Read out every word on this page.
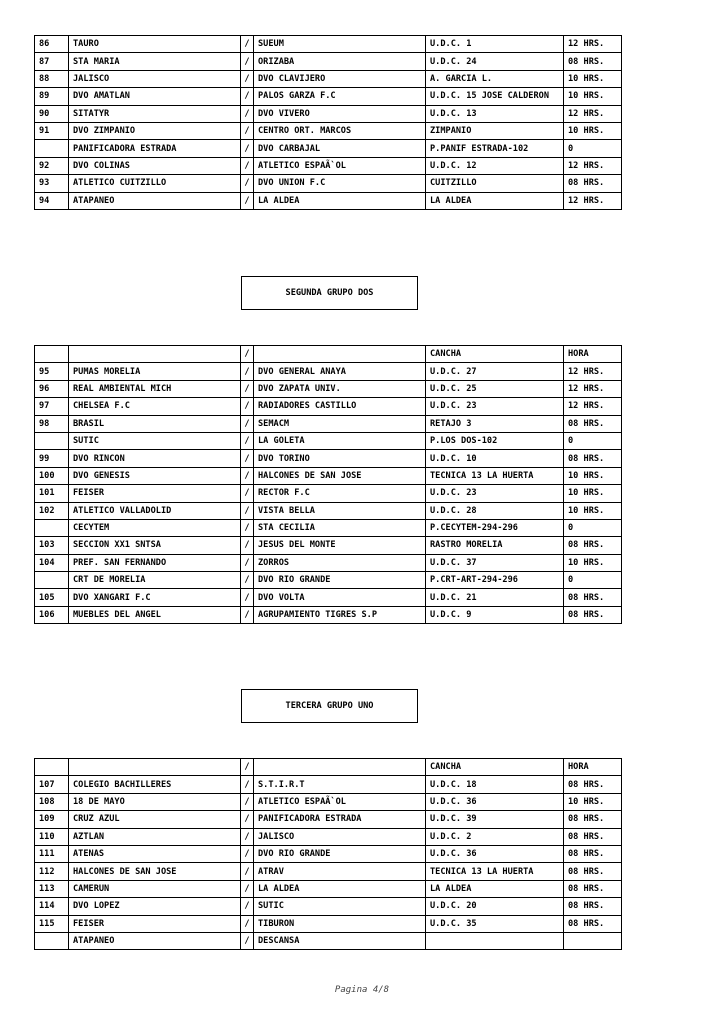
86	TAURO	/	SUEUM	U.D.C. 1	12 HRS.
87	STA MARIA	/	ORIZABA	U.D.C. 24	08 HRS.
88	JALISCO	/	DVO CLAVIJERO	A. GARCIA L.	10 HRS.
89	DVO AMATLAN	/	PALOS GARZA F.C	U.D.C. 15 JOSE CALDERON	10 HRS.
90	SITATYR	/	DVO VIVERO	U.D.C. 13	12 HRS.
91	DVO ZIMPANIO	/	CENTRO ORT. MARCOS	ZIMPANIO	10 HRS.
	PANIFICADORA ESTRADA	/	DVO CARBAJAL	P.PANIF ESTRADA-102	0
92	DVO COLINAS	/	ATLETICO ESPAÃ`OL	U.D.C. 12	12 HRS.
93	ATLETICO CUITZILLO	/	DVO UNION F.C	CUITZILLO	08 HRS.
94	ATAPANEO	/	LA ALDEA	LA ALDEA	12 HRS.
SEGUNDA GRUPO DOS
		/		CANCHA	HORA
95	PUMAS MORELIA	/	DVO GENERAL ANAYA	U.D.C. 27	12 HRS.
96	REAL AMBIENTAL MICH	/	DVO ZAPATA UNIV.	U.D.C. 25	12 HRS.
97	CHELSEA F.C	/	RADIADORES CASTILLO	U.D.C. 23	12 HRS.
98	BRASIL	/	SEMACM	RETAJO 3	08 HRS.
	SUTIC	/	LA GOLETA	P.LOS DOS-102	0
99	DVO RINCON	/	DVO TORINO	U.D.C. 10	08 HRS.
100	DVO GENESIS	/	HALCONES DE SAN JOSE	TECNICA 13 LA HUERTA	10 HRS.
101	FEISER	/	RECTOR F.C	U.D.C. 23	10 HRS.
102	ATLETICO VALLADOLID	/	VISTA BELLA	U.D.C. 28	10 HRS.
	CECYTEM	/	STA CECILIA	P.CECYTEM-294-296	0
103	SECCION XX1 SNTSA	/	JESUS DEL MONTE	RASTRO MORELIA	08 HRS.
104	PREF. SAN FERNANDO	/	ZORROS	U.D.C. 37	10 HRS.
	CRT DE MORELIA	/	DVO RIO GRANDE	P.CRT-ART-294-296	0
105	DVO XANGARI F.C	/	DVO VOLTA	U.D.C. 21	08 HRS.
106	MUEBLES DEL ANGEL	/	AGRUPAMIENTO TIGRES S.P	U.D.C. 9	08 HRS.
TERCERA GRUPO UNO
		/		CANCHA	HORA
107	COLEGIO BACHILLERES	/	S.T.I.R.T	U.D.C. 18	08 HRS.
108	18 DE MAYO	/	ATLETICO ESPAÃ`OL	U.D.C. 36	10 HRS.
109	CRUZ AZUL	/	PANIFICADORA ESTRADA	U.D.C. 39	08 HRS.
110	AZTLAN	/	JALISCO	U.D.C. 2	08 HRS.
111	ATENAS	/	DVO RIO GRANDE	U.D.C. 36	08 HRS.
112	HALCONES DE SAN JOSE	/	ATRAV	TECNICA 13 LA HUERTA	08 HRS.
113	CAMERUN	/	LA ALDEA	LA ALDEA	08 HRS.
114	DVO LOPEZ	/	SUTIC	U.D.C. 20	08 HRS.
115	FEISER	/	TIBURON	U.D.C. 35	08 HRS.
	ATAPANEO	/	DESCANSA		
Pagina 4/8
